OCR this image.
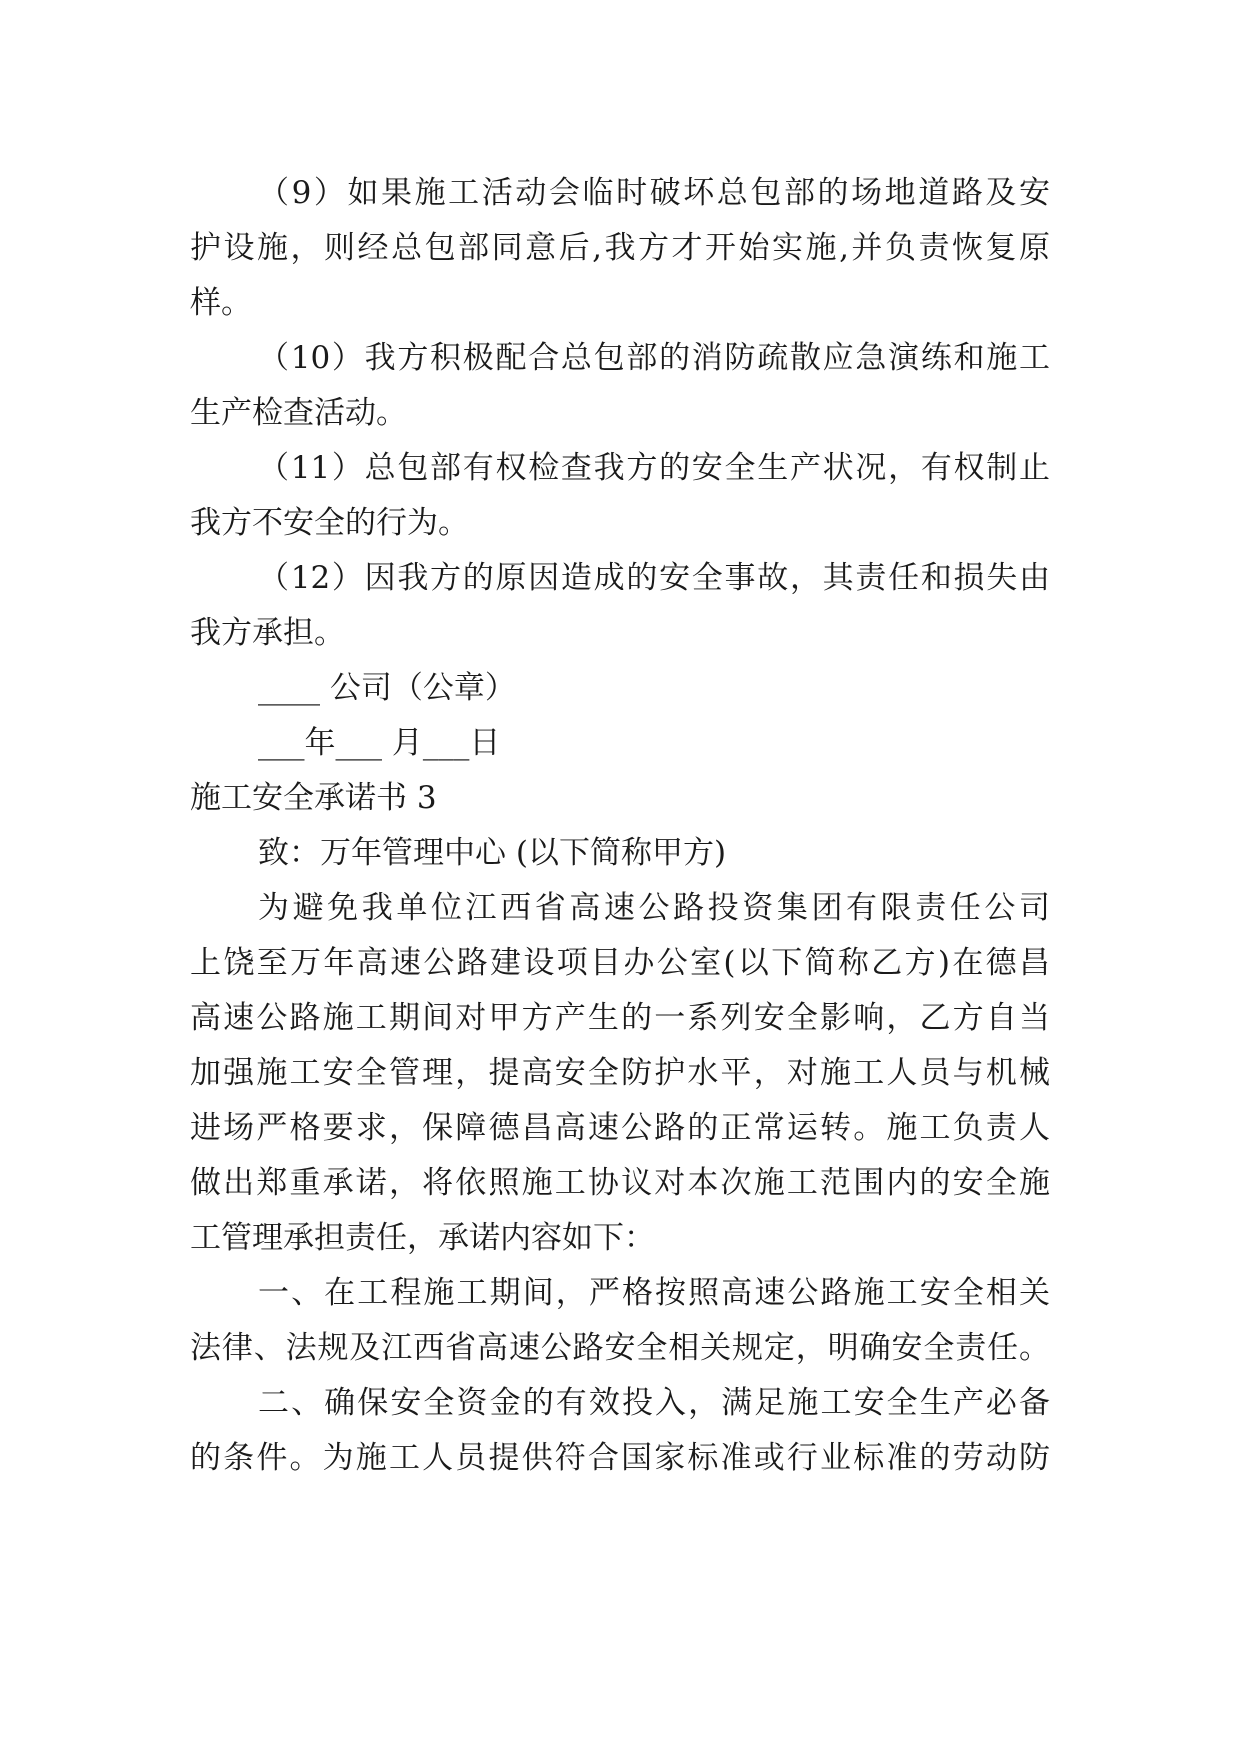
（9）如果施工活动会临时破坏总包部的场地道路及安
护设施，则经总包部同意后,我方才开始实施,并负责恢复原
样。
（10）我方积极配合总包部的消防疏散应急演练和施工
生产检查活动。
（11）总包部有权检查我方的安全生产状况，有权制止
我方不安全的行为。
（12）因我方的原因造成的安全事故，其责任和损失由
我方承担。
____ 公司（公章）
___年___ 月___日
施工安全承诺书 3
致：万年管理中心 (以下简称甲方)
为避免我单位江西省高速公路投资集团有限责任公司
上饶至万年高速公路建设项目办公室(以下简称乙方)在德昌
高速公路施工期间对甲方产生的一系列安全影响，乙方自当
加强施工安全管理，提高安全防护水平，对施工人员与机械
进场严格要求，保障德昌高速公路的正常运转。施工负责人
做出郑重承诺，将依照施工协议对本次施工范围内的安全施
工管理承担责任，承诺内容如下：
一、在工程施工期间，严格按照高速公路施工安全相关
法律、法规及江西省高速公路安全相关规定，明确安全责任。
二、确保安全资金的有效投入，满足施工安全生产必备
的条件。为施工人员提供符合国家标准或行业标准的劳动防
